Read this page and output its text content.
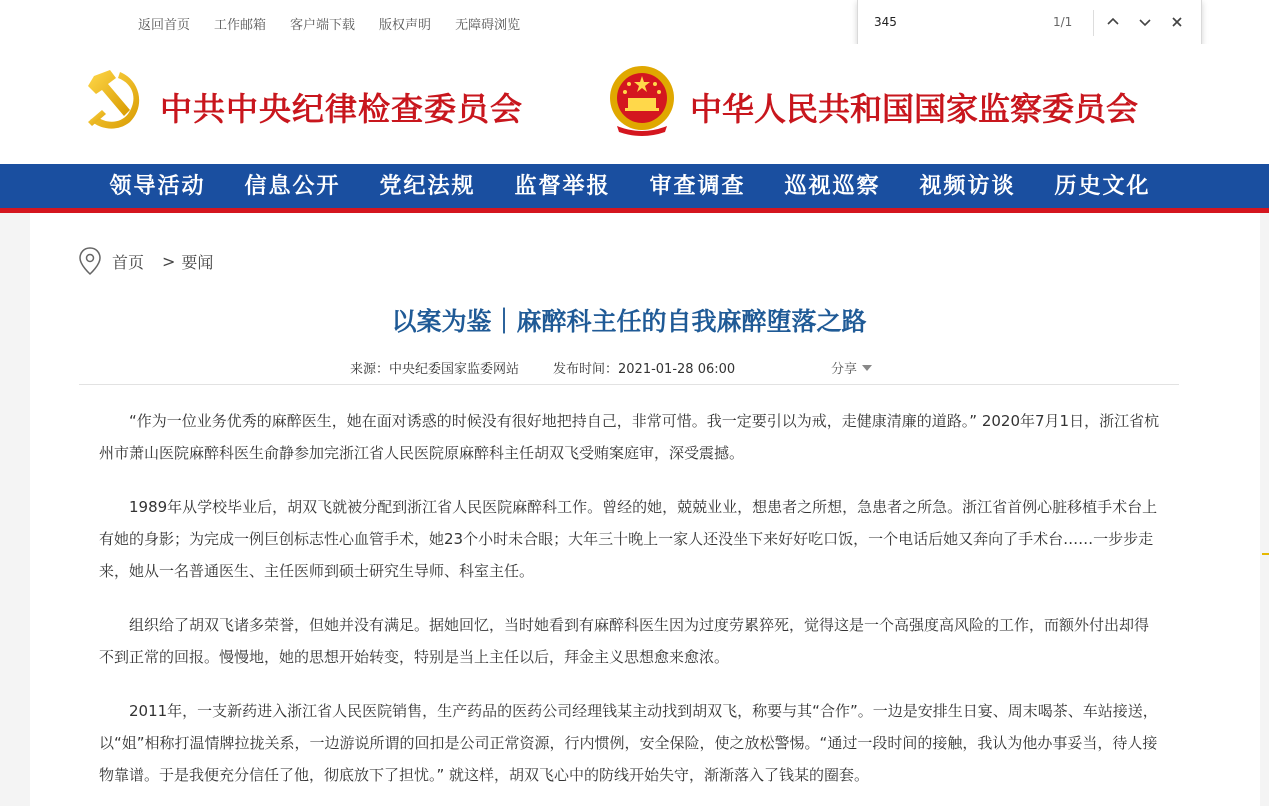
返回首页 工作邮箱 客户端下载 版权声明 无障碍浏览	345	1/1
中共中央纪律检查委员会	中华人民共和国国家监察委员会
领导活动	信息公开	党纪法规	监督举报	审查调查	巡视巡察	视频访谈	历史文化
首页 > 要闻
以案为鉴｜麻醉科主任的自我麻醉堕落之路
来源：中央纪委国家监委网站	发布时间：2021-01-28 06:00	分享

“作为一位业务优秀的麻醉医生，她在面对诱惑的时候没有很好地把持自己，非常可惜。我一定要引以为戒，走健康清廉的道路。” 2020年7月1日，浙江省杭州市萧山医院麻醉科医生俞静参加完浙江省人民医院原麻醉科主任胡双飞受贿案庭审，深受震撼。

1989年从学校毕业后，胡双飞就被分配到浙江省人民医院麻醉科工作。曾经的她，兢兢业业，想患者之所想，急患者之所急。浙江省首例心脏移植手术台上有她的身影；为完成一例巨创标志性心血管手术，她23个小时未合眼；大年三十晚上一家人还没坐下来好好吃口饭，一个电话后她又奔向了手术台……一步步走来，她从一名普通医生、主任医师到硕士研究生导师、科室主任。

组织给了胡双飞诸多荣誉，但她并没有满足。据她回忆，当时她看到有麻醉科医生因为过度劳累猝死，觉得这是一个高强度高风险的工作，而额外付出却得不到正常的回报。慢慢地，她的思想开始转变，特别是当上主任以后，拜金主义思想愈来愈浓。

2011年，一支新药进入浙江省人民医院销售，生产药品的医药公司经理钱某主动找到胡双飞，称要与其“合作”。一边是安排生日宴、周末喝茶、车站接送，以“姐”相称打温情牌拉拢关系，一边游说所谓的回扣是公司正常资源，行内惯例，安全保险，使之放松警惕。“通过一段时间的接触，我认为他办事妥当，待人接物靠谱。于是我便充分信任了他，彻底放下了担忧。” 就这样，胡双飞心中的防线开始失守，渐渐落入了钱某的圈套。
